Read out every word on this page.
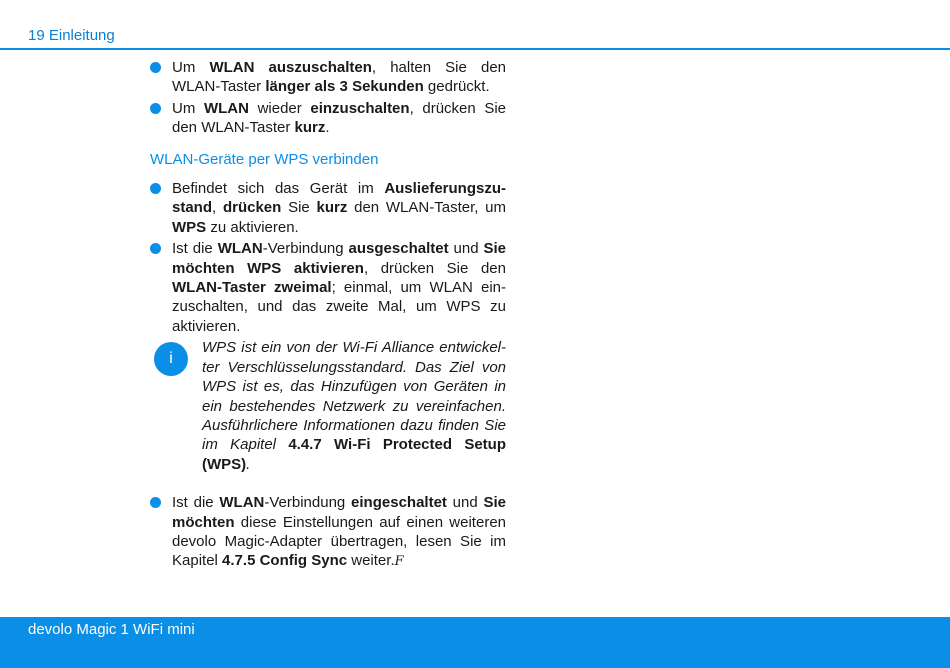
19 Einleitung
Um WLAN auszuschalten, halten Sie den WLAN-Taster länger als 3 Sekunden gedrückt.
Um WLAN wieder einzuschalten, drücken Sie den WLAN-Taster kurz.
WLAN-Geräte per WPS verbinden
Befindet sich das Gerät im Auslieferungszu-stand, drücken Sie kurz den WLAN-Taster, um WPS zu aktivieren.
Ist die WLAN-Verbindung ausgeschaltet und Sie möchten WPS aktivieren, drücken Sie den WLAN-Taster zweimal; einmal, um WLAN ein-zuschalten, und das zweite Mal, um WPS zu aktivieren.
i
WPS ist ein von der Wi-Fi Alliance entwickel-ter Verschlüsselungsstandard. Das Ziel von WPS ist es, das Hinzufügen von Geräten in ein bestehendes Netzwerk zu vereinfachen. Ausführlichere Informationen dazu finden Sie im Kapitel 4.4.7 Wi-Fi Protected Setup (WPS).
Ist die WLAN-Verbindung eingeschaltet und Sie möchten diese Einstellungen auf einen weiteren devolo Magic-Adapter übertragen, lesen Sie im Kapitel 4.7.5 Config Sync weiter.F
devolo Magic 1 WiFi mini
